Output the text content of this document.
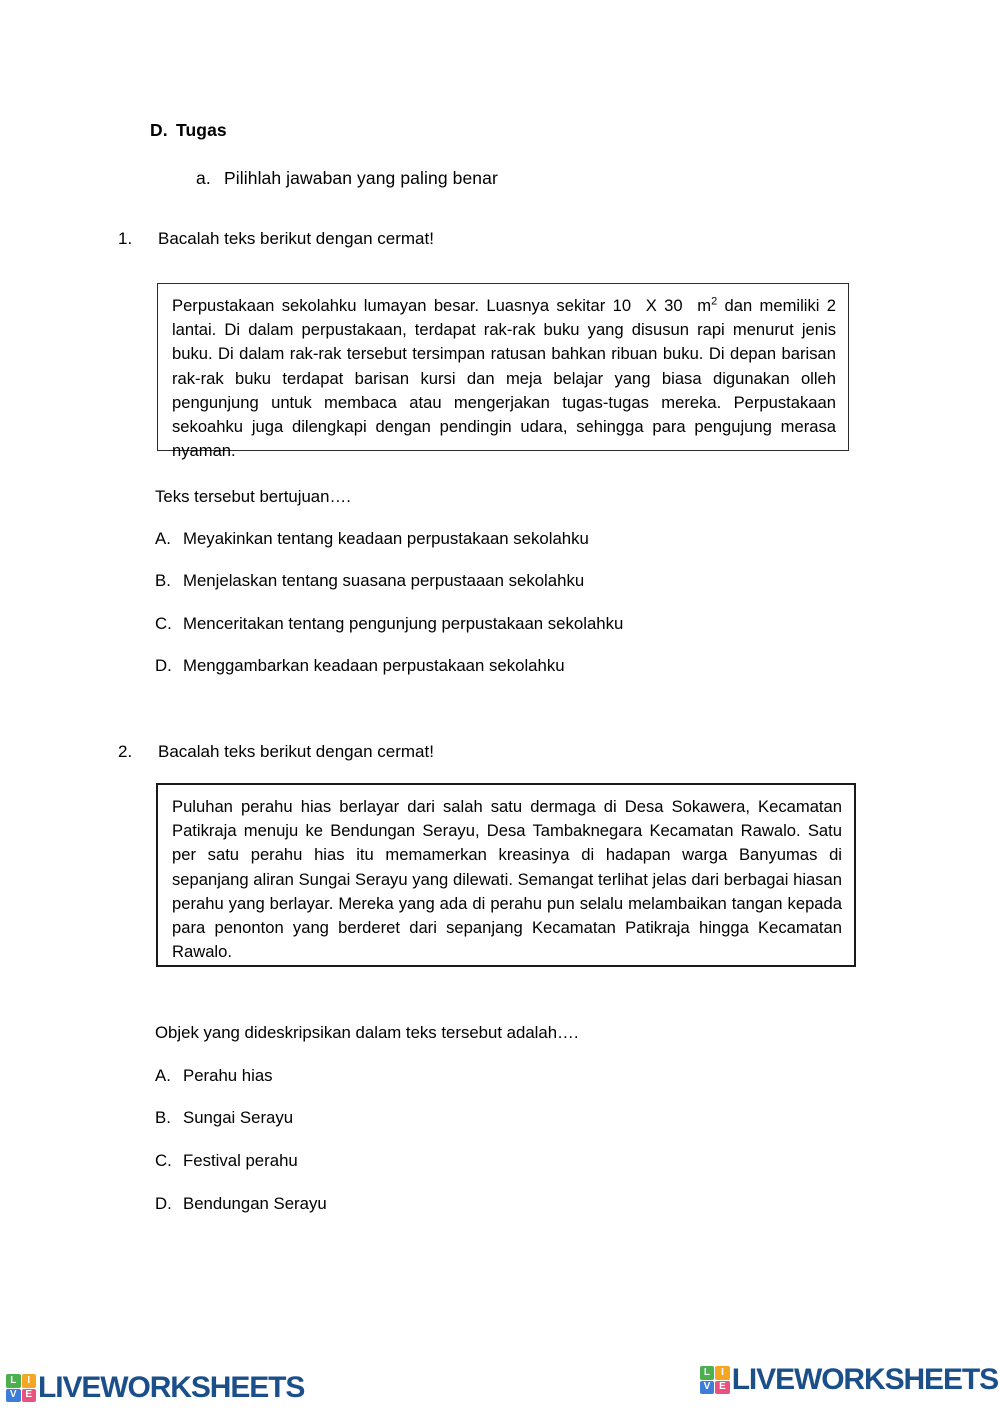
D. Tugas
a. Pilihlah jawaban yang paling benar
1. Bacalah teks berikut dengan cermat!

Perpustakaan sekolahku lumayan besar. Luasnya sekitar 10  X 30  $m^2$ dan memiliki 2 lantai. Di dalam perpustakaan, terdapat rak-rak buku yang disusun rapi menurut jenis buku. Di dalam rak-rak tersebut tersimpan ratusan bahkan ribuan buku. Di depan barisan rak-rak buku terdapat barisan kursi dan meja belajar yang biasa digunakan olleh pengunjung untuk membaca atau mengerjakan tugas-tugas mereka. Perpustakaan sekoahku juga dilengkapi dengan pendingin udara, sehingga para pengujung merasa nyaman.

Teks tersebut bertujuan….
A. Meyakinkan tentang keadaan perpustakaan sekolahku
B. Menjelaskan tentang suasana perpustaaan sekolahku
C. Menceritakan tentang pengunjung perpustakaan sekolahku
D. Menggambarkan keadaan perpustakaan sekolahku
2. Bacalah teks berikut dengan cermat!

Puluhan perahu hias berlayar dari salah satu dermaga di Desa Sokawera, Kecamatan Patikraja menuju ke Bendungan Serayu, Desa Tambaknegara Kecamatan Rawalo. Satu per satu perahu hias itu memamerkan kreasinya di hadapan warga Banyumas di sepanjang aliran Sungai Serayu yang dilewati. Semangat terlihat jelas dari berbagai hiasan perahu yang berlayar. Mereka yang ada di perahu pun selalu melambaikan tangan kepada para penonton yang berderet dari sepanjang Kecamatan Patikraja hingga Kecamatan Rawalo.

Objek yang dideskripsikan dalam teks tersebut adalah….
A. Perahu hias
B. Sungai Serayu
C. Festival perahu
D. Bendungan Serayu
L	I
V E LIVEWORKSHEETS	L	I
V E LIVEWORKSHEETS
